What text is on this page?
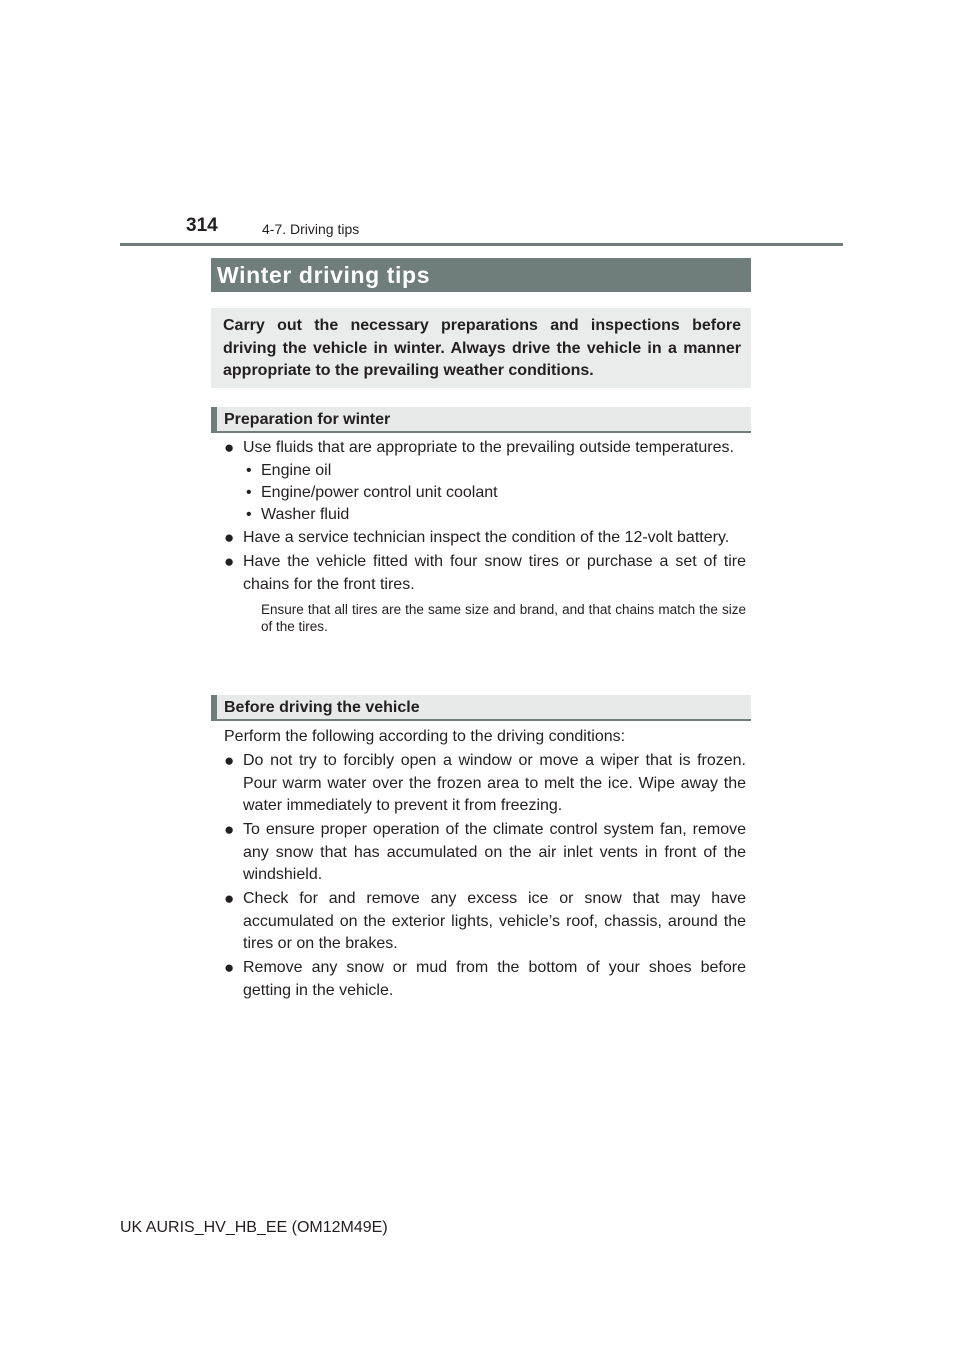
314	4-7. Driving tips
Winter driving tips
Carry out the necessary preparations and inspections before driving the vehicle in winter. Always drive the vehicle in a manner appropriate to the prevailing weather conditions.
Preparation for winter
● Use fluids that are appropriate to the prevailing outside temperatures.
• Engine oil
• Engine/power control unit coolant
• Washer fluid
● Have a service technician inspect the condition of the 12-volt battery.
● Have the vehicle fitted with four snow tires or purchase a set of tire chains for the front tires.
Ensure that all tires are the same size and brand, and that chains match the size of the tires.
Before driving the vehicle
Perform the following according to the driving conditions:
● Do not try to forcibly open a window or move a wiper that is frozen. Pour warm water over the frozen area to melt the ice. Wipe away the water immediately to prevent it from freezing.
● To ensure proper operation of the climate control system fan, remove any snow that has accumulated on the air inlet vents in front of the windshield.
● Check for and remove any excess ice or snow that may have accumulated on the exterior lights, vehicle’s roof, chassis, around the tires or on the brakes.
● Remove any snow or mud from the bottom of your shoes before getting in the vehicle.
UK AURIS_HV_HB_EE (OM12M49E)
